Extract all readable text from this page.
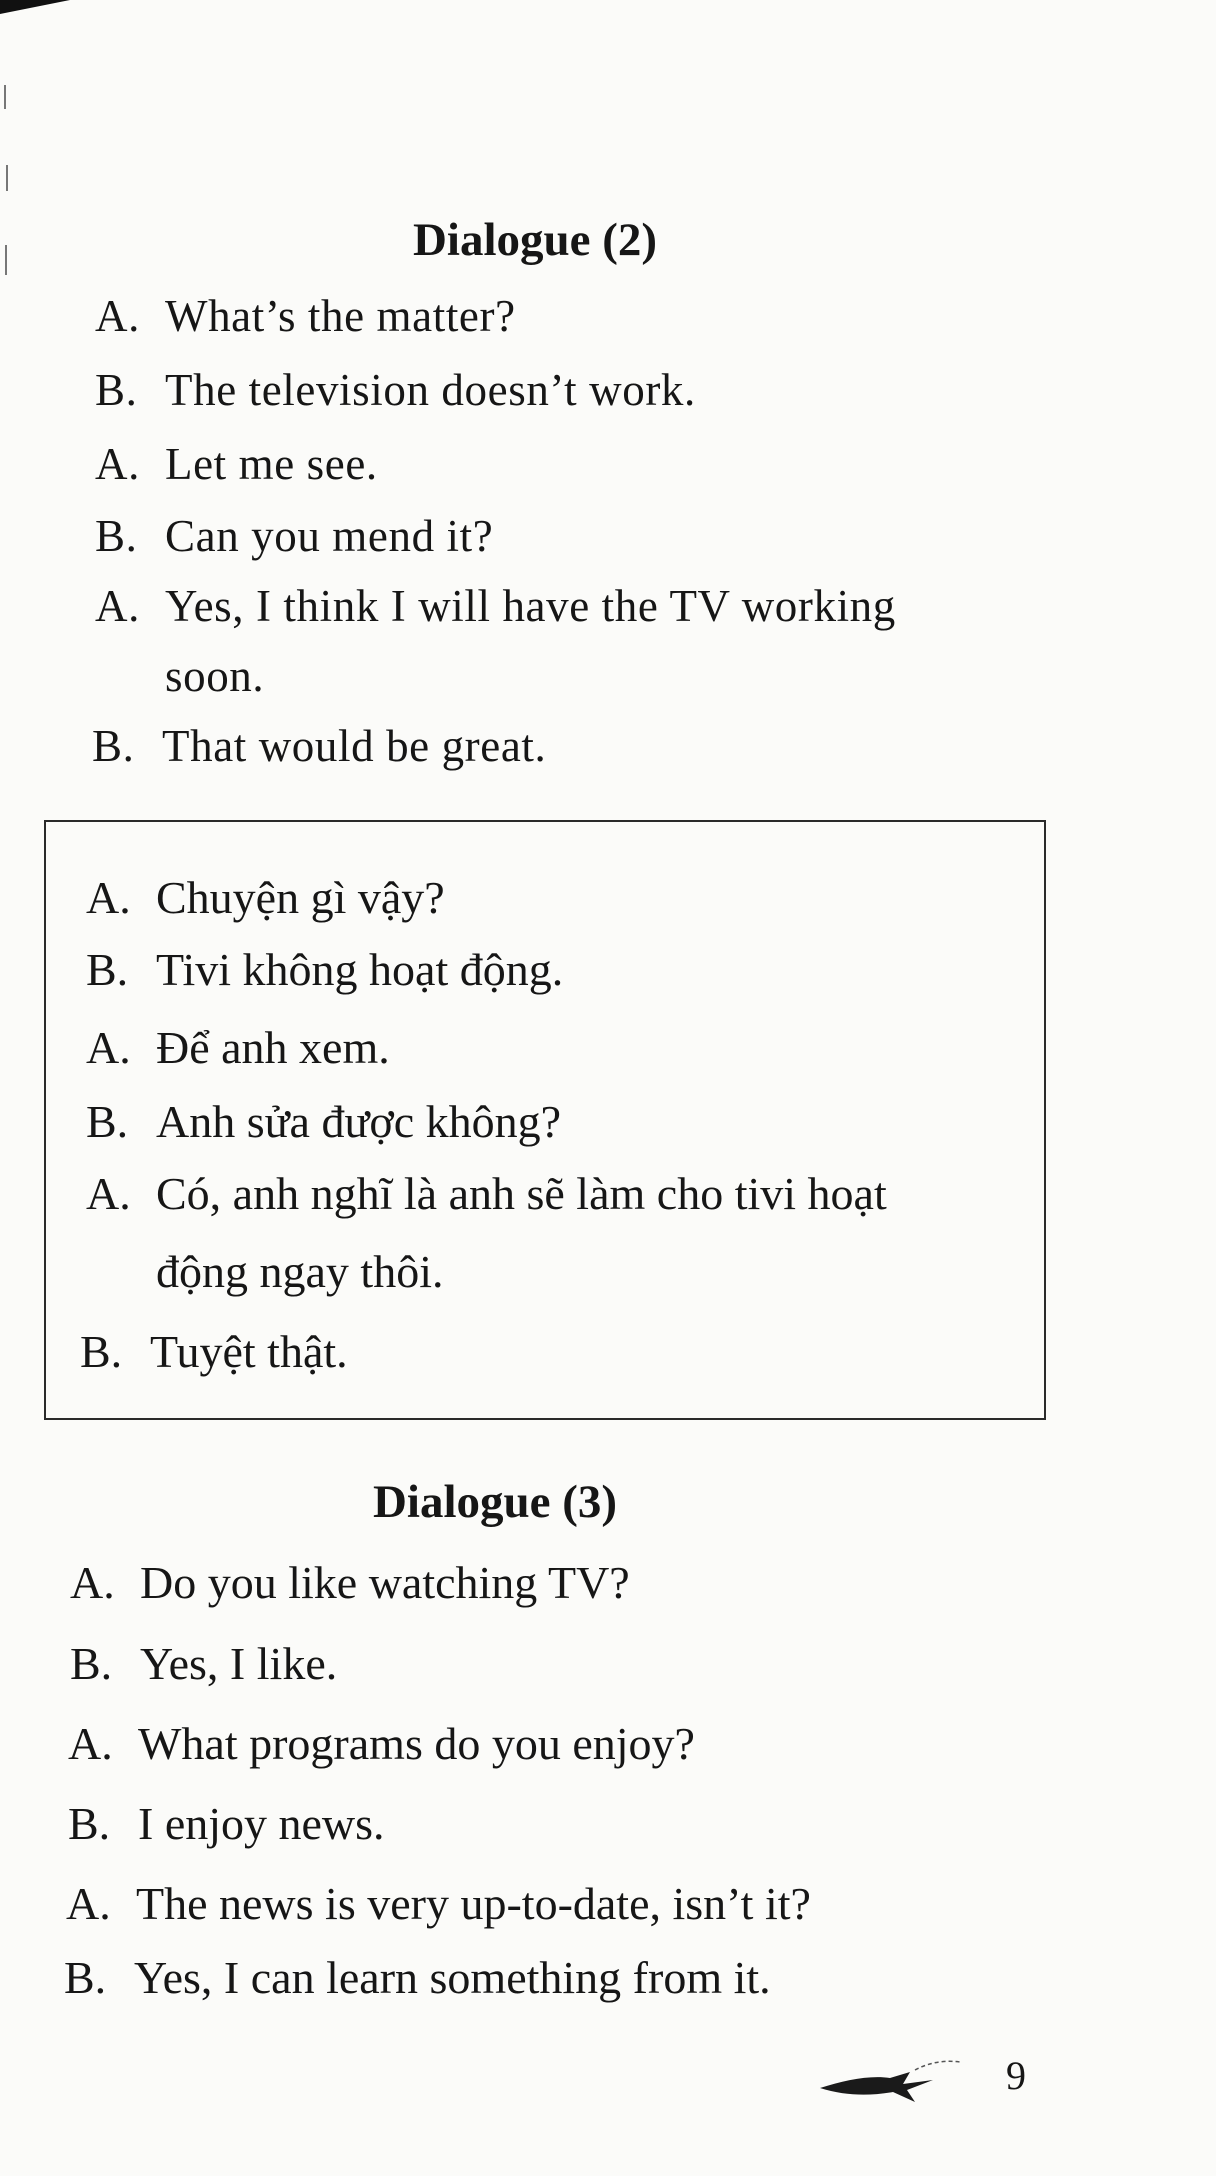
Dialogue (2)
A. What’s the matter?
B. The television doesn’t work.
A. Let me see.
B. Can you mend it?
A. Yes, I think I will have the TV working
soon.
B. That would be great.
A. Chuyện gì vậy?
B. Tivi không hoạt động.
A. Để anh xem.
B. Anh sửa được không?
A. Có, anh nghĩ là anh sẽ làm cho tivi hoạt
động ngay thôi.
B. Tuyệt thật.
Dialogue (3)
A. Do you like watching TV?
B. Yes, I like.
A. What programs do you enjoy?
B. I enjoy news.
A. The news is very up-to-date, isn’t it?
B. Yes, I can learn something from it.
9
